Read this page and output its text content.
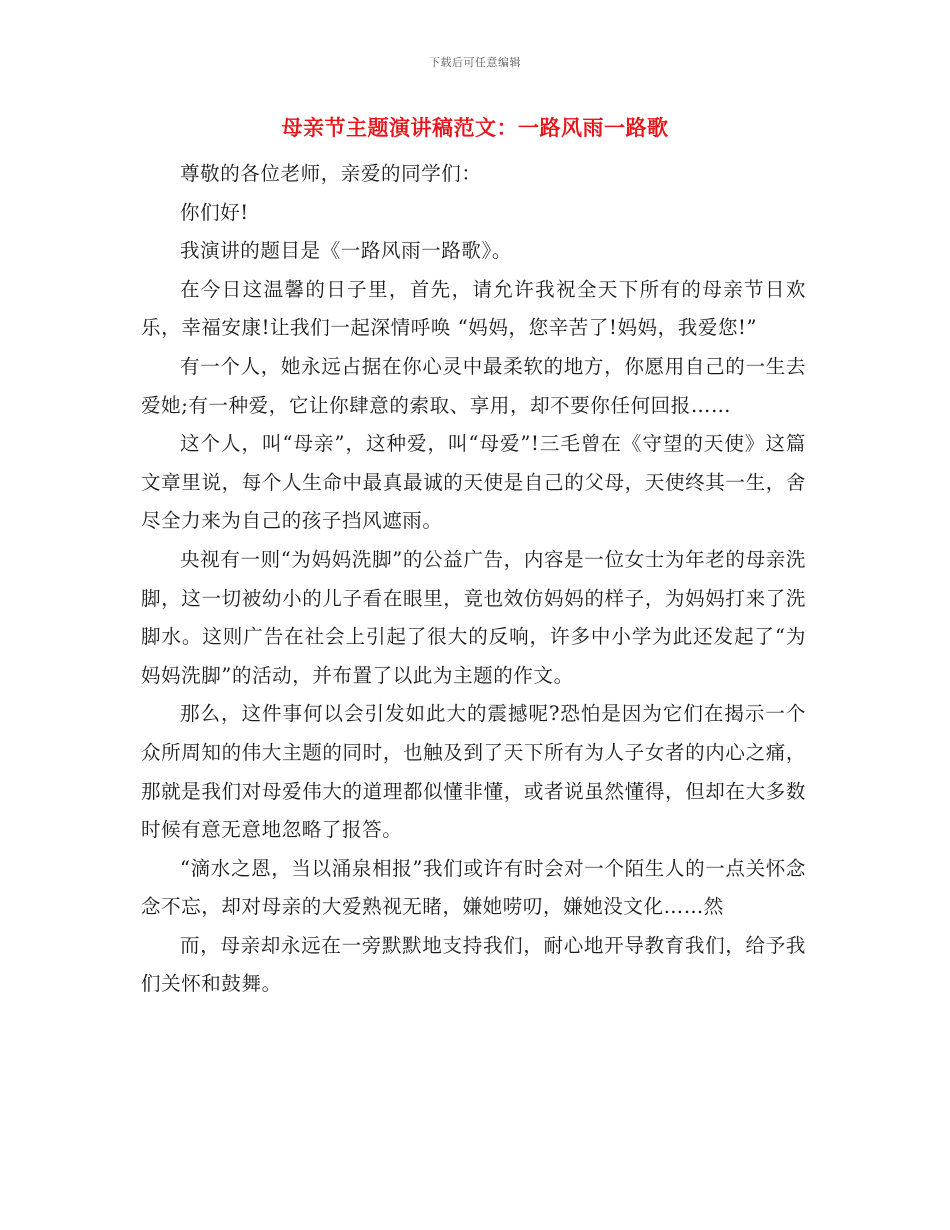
下载后可任意编辑
母亲节主题演讲稿范文：一路风雨一路歌

尊敬的各位老师，亲爱的同学们：

你们好!

我演讲的题目是《一路风雨一路歌》。

在今日这温馨的日子里，首先，请允许我祝全天下所有的母亲节日欢乐，幸福安康!让我们一起深情呼唤 “妈妈，您辛苦了!妈妈，我爱您!”

有一个人，她永远占据在你心灵中最柔软的地方，你愿用自己的一生去爱她;有一种爱，它让你肆意的索取、享用，却不要你任何回报……

这个人，叫“母亲”，这种爱，叫“母爱”!三毛曾在《守望的天使》这篇文章里说，每个人生命中最真最诚的天使是自己的父母，天使终其一生，舍尽全力来为自己的孩子挡风遮雨。

央视有一则“为妈妈洗脚”的公益广告，内容是一位女士为年老的母亲洗脚，这一切被幼小的儿子看在眼里，竟也效仿妈妈的样子，为妈妈打来了洗脚水。这则广告在社会上引起了很大的反响，许多中小学为此还发起了“为妈妈洗脚”的活动，并布置了以此为主题的作文。

那么，这件事何以会引发如此大的震撼呢?恐怕是因为它们在揭示一个众所周知的伟大主题的同时，也触及到了天下所有为人子女者的内心之痛，那就是我们对母爱伟大的道理都似懂非懂，或者说虽然懂得，但却在大多数时候有意无意地忽略了报答。

“滴水之恩，当以涌泉相报”我们或许有时会对一个陌生人的一点关怀念念不忘，却对母亲的大爱熟视无睹，嫌她唠叨，嫌她没文化……然

而，母亲却永远在一旁默默地支持我们，耐心地开导教育我们，给予我们关怀和鼓舞。
